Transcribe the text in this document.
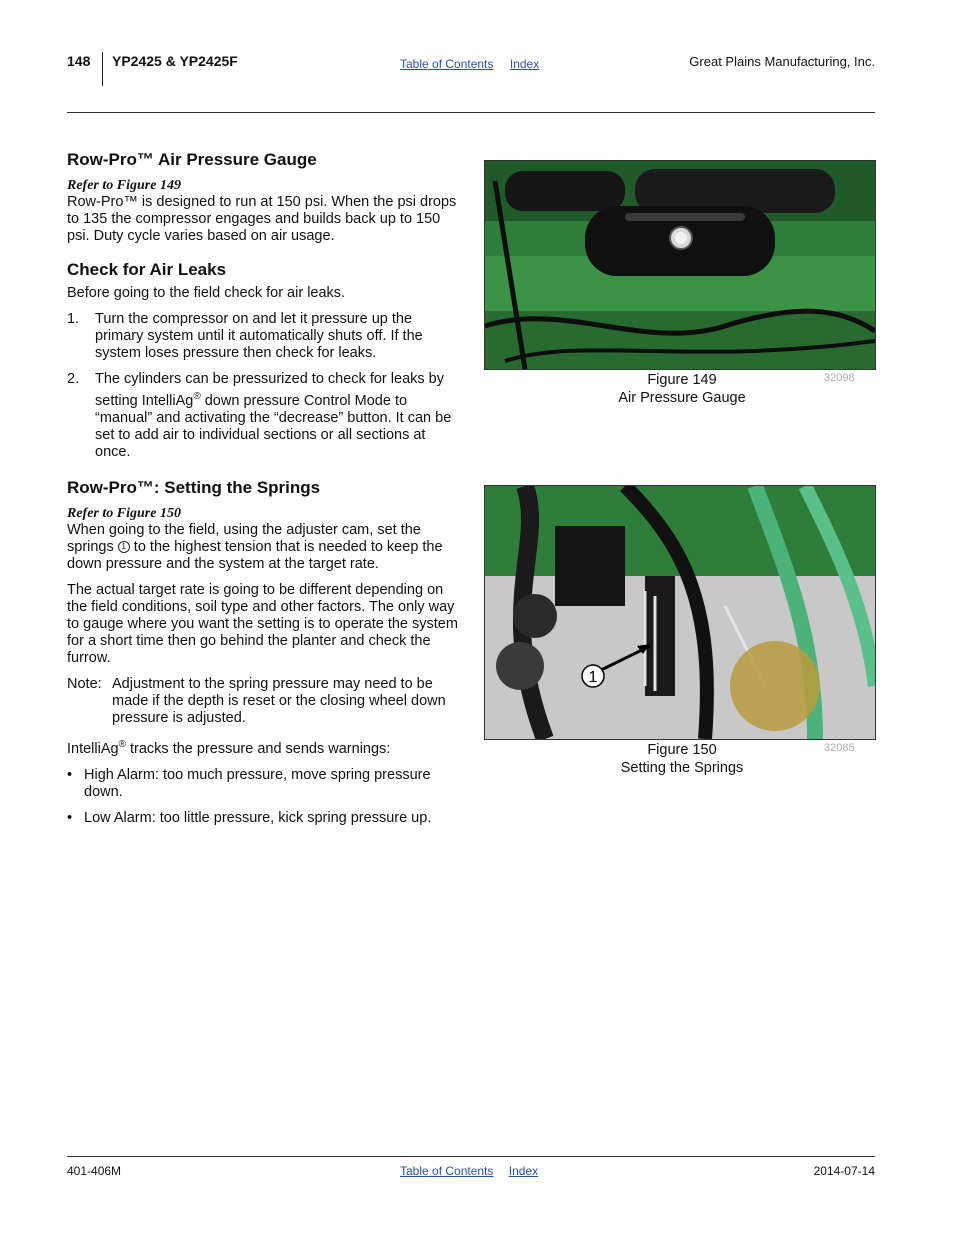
148 YP2425 & YP2425F	Table of Contents Index	Great Plains Manufacturing, Inc.
Row-Pro™ Air Pressure Gauge
Refer to Figure 149
Row-Pro™ is designed to run at 150 psi. When the psi drops to 135 the compressor engages and builds back up to 150 psi. Duty cycle varies based on air usage.
Check for Air Leaks
Before going to the field check for air leaks.
1. Turn the compressor on and let it pressure up the primary system until it automatically shuts off. If the system loses pressure then check for leaks.
2. The cylinders can be pressurized to check for leaks by setting IntelliAg® down pressure Control Mode to “manual” and activating the “decrease” button. It can be set to add air to individual sections or all sections at once.
Row-Pro™: Setting the Springs
Refer to Figure 150
When going to the field, using the adjuster cam, set the springs 1 to the highest tension that is needed to keep the down pressure and the system at the target rate.
The actual target rate is going to be different depending on the field conditions, soil type and other factors. The only way to gauge where you want the setting is to operate the system for a short time then go behind the planter and check the furrow.
Note: Adjustment to the spring pressure may need to be made if the depth is reset or the closing wheel down pressure is adjusted.
IntelliAg® tracks the pressure and sends warnings:
• High Alarm: too much pressure, move spring pressure down.
• Low Alarm: too little pressure, kick spring pressure up.
Figure 149
Air Pressure Gauge
32098
1
Figure 150
Setting the Springs
32085
401-406M	Table of Contents Index	2014-07-14
